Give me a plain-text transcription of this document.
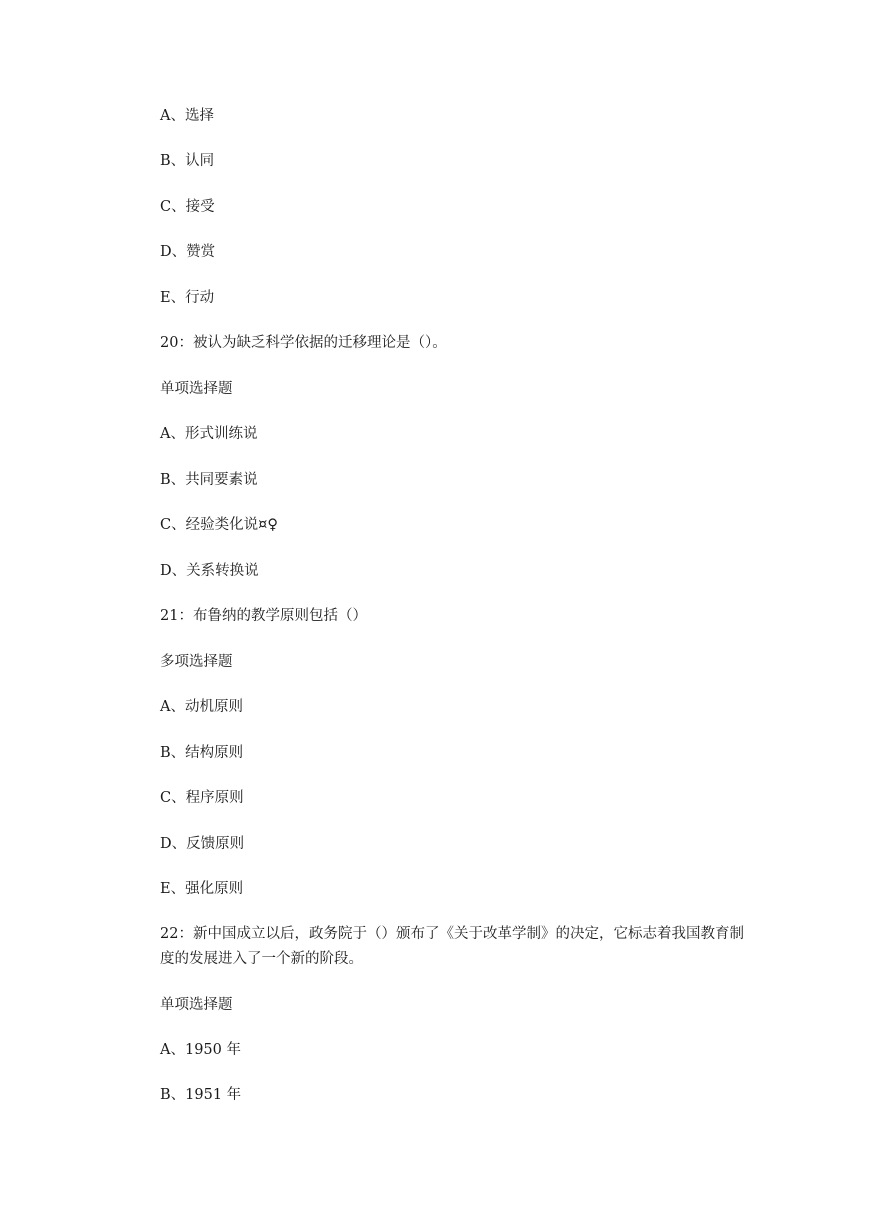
A、选择
B、认同
C、接受
D、赞赏
E、行动
20：被认为缺乏科学依据的迁移理论是（）。
单项选择题
A、形式训练说
B、共同要素说
C、经验类化说¤♀
D、关系转换说
21：布鲁纳的教学原则包括（）
多项选择题
A、动机原则
B、结构原则
C、程序原则
D、反馈原则
E、强化原则
22：新中国成立以后，政务院于（）颁布了《关于改革学制》的决定，它标志着我国教育制度的发展进入了一个新的阶段。
单项选择题
A、1950 年
B、1951 年
